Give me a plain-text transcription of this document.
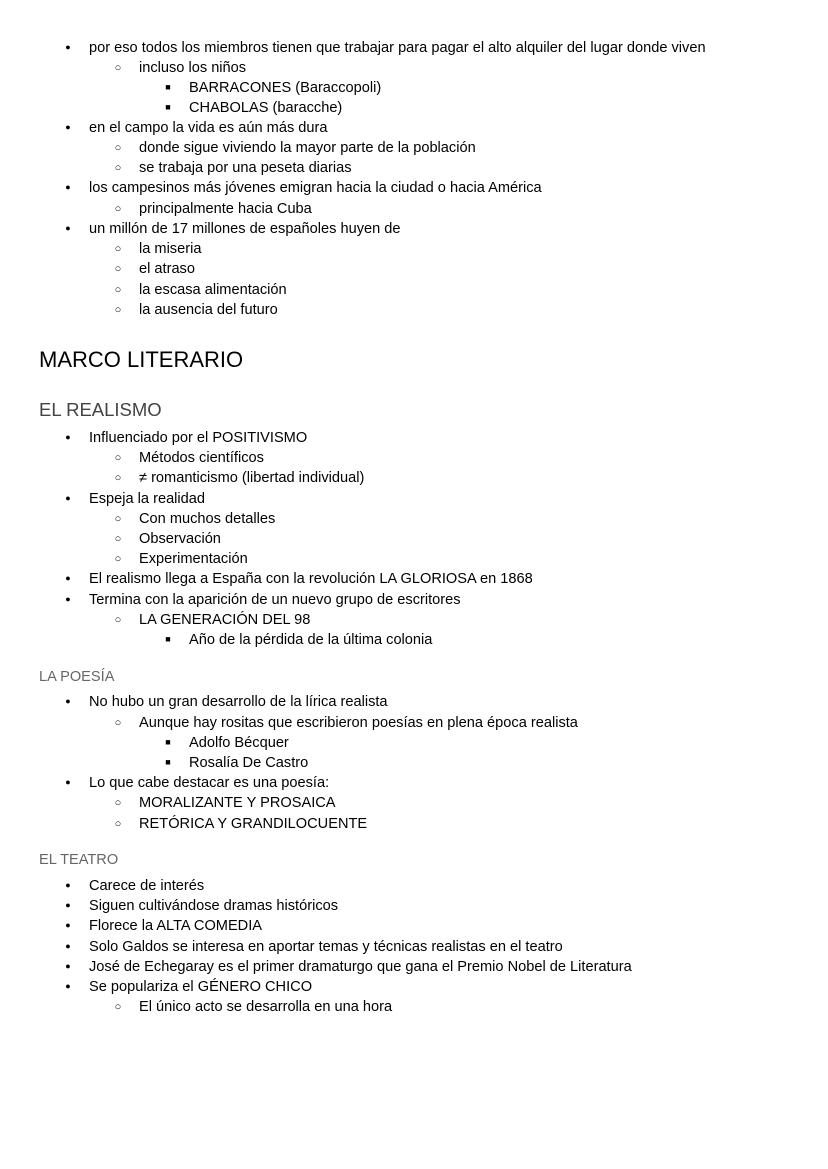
●
por eso todos los miembros tienen que trabajar para pagar el alto alquiler del lugar donde viven
○
incluso los niños
■
BARRACONES (Baraccopoli)
■
CHABOLAS (baracche)
●
en el campo la vida es aún más dura
○
donde sigue viviendo la mayor parte de la población
○
se trabaja por una peseta diarias
●
los campesinos más jóvenes emigran hacia la ciudad o hacia América
○
principalmente hacia Cuba
●
un millón de 17 millones de españoles huyen de
○
la miseria
○
el atraso
○
la escasa alimentación
○
la ausencia del futuro
MARCO LITERARIO
EL REALISMO
●
Influenciado por el POSITIVISMO
○
Métodos científicos
○
≠ romanticismo (libertad individual)
●
Espeja la realidad
○
Con muchos detalles
○
Observación
○
Experimentación
●
El realismo llega a España con la revolución LA GLORIOSA en 1868
●
Termina con la aparición de un nuevo grupo de escritores
○
LA GENERACIÓN DEL 98
■
Año de la pérdida de la última colonia
LA POESÍA
●
No hubo un gran desarrollo de la lírica realista
○
Aunque hay rositas que escribieron poesías en plena época realista
■
Adolfo Bécquer
■
Rosalía De Castro
●
Lo que cabe destacar es una poesía:
○
MORALIZANTE Y PROSAICA
○
RETÓRICA Y GRANDILOCUENTE
EL TEATRO
●
Carece de interés
●
Siguen cultivándose dramas históricos
●
Florece la ALTA COMEDIA
●
Solo Galdos se interesa en aportar temas y técnicas realistas en el teatro
●
José de Echegaray es el primer dramaturgo que gana el Premio Nobel de Literatura
●
Se populariza el GÉNERO CHICO
○
El único acto se desarrolla en una hora
